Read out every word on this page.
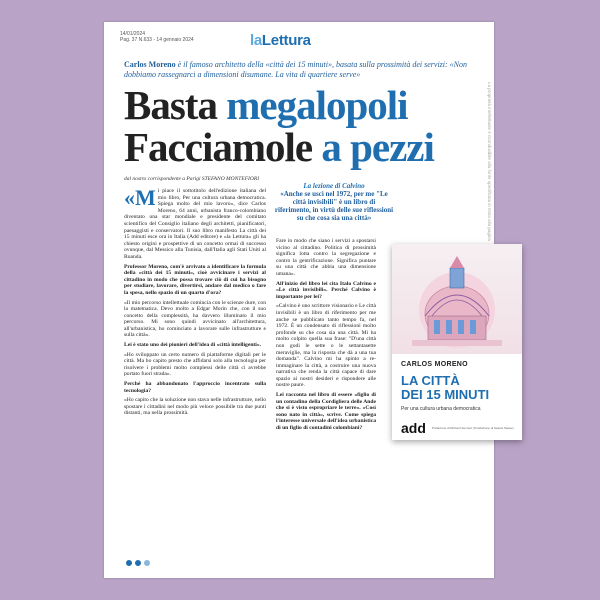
14/01/2024
Pag. 37 N.633 - 14 gennaio 2024	laLettura
La proprietà intellettuale è riconducibile alla fonte specificata in testa alla pagina
Carlos Moreno è il famoso architetto della «città dei 15 minuti», basata sulla prossimità dei servizi: «Non dobbiamo rassegnarci a dimensioni disumane. La vita di quartiere serve»
Basta megalopoli
Facciamole a pezzi
dal nostro corrispondente a Parigi STEFANO MONTEFIORI

«Mi piace il sottotitolo dell'edizione italiana del mio libro, Per una cultura urbana democratica. Spiega molto del mio lavoro», dice Carlos Moreno, 64 anni, urbanista franco-colombiano diventato una star mondiale e presidente del comitato scientifico del Consiglio italiano degli architetti, pianificatori, paesaggisti e conservatori. Il suo libro manifesto La città dei 15 minuti esce ora in Italia (Add editore) e «la Lettura» gli ha chiesto origini e prospettive di un concetto ormai di successo ovunque, dal Messico alla Tunisia, dall'Italia agli Stati Uniti al Ruanda.

Professor Moreno, com'è arrivato a identificare la formula della «città dei 15 minuti», cioè avvicinare i servizi al cittadino in modo che possa trovare ciò di cui ha bisogno per studiare, lavorare, divertirsi, andare dal medico o fare la spesa, nello spazio di un quarto d'ora?

«Il mio percorso intellettuale comincia con le scienze dure, con la matematica. Devo molto a Edgar Morin che, con il suo concetto della complessità, ha davvero illuminato il mio percorso. Mi sono quindi avvicinato all'architettura, all'urbanistica, ho cominciato a lavorare sulle infrastrutture e sulla città».

Lei è stato uno dei pionieri dell'idea di «città intelligenti».

«Ho sviluppato un certo numero di piattaforme digitali per le città. Ma ho capito presto che affidarsi solo alla tecnologia per risolvere i problemi molto complessi delle città ci avrebbe portato fuori strada».

Perché ha abbandonato l'approccio incentrato sulla tecnologia?

«Ho capito che la soluzione non stava nelle infrastrutture, nello spostare i cittadini nel modo più veloce possibile tra due punti distanti, ma nella prossimità.

La lezione di Calvino
«Anche se uscì nel 1972, per me "Le città invisibili" è un libro di riferimento, in virtù delle sue riflessioni su che cosa sia una città»

Fare in modo che siano i servizi a spostarsi vicino al cittadino. Politica di prossimità significa lotta contro la segregazione e contro la gentrificazione. Significa puntare su una città che abbia una dimensione umana».

All'inizio del libro lei cita Italo Calvino e «Le città invisibili». Perché Calvino è importante per lei?

«Calvino è uno scrittore visionario e Le città invisibili è un libro di riferimento per me anche se pubblicato tanto tempo fa, nel 1972. È un condensato di riflessioni molto profonde su che cosa sia una città. Mi ha molto colpito quella sua frase: "D'una città non godi le sette o le settantasette meraviglie, ma la risposta che dà a una tua domanda". Calvino mi ha spinto a re-immaginare la città, a costruire una nuova narrativa che renda la città capace di dare spazio ai nostri desideri e rispondere alle nostre paure.

Lei racconta nel libro di essere «figlio di un contadino della Cordigliera delle Ande che si è visto espropriare le terre». «Così sono nato in città», scrive. Come spiega l'interesse universale dell'idea urbanistica di un figlio di contadini colombiani?

CARLOS MORENO
LA CITTÀ
DEI 15 MINUTI
Per una cultura urbana democratica
add Prefazione di Richard Sennett | Postfazione di Sascia Sassen
